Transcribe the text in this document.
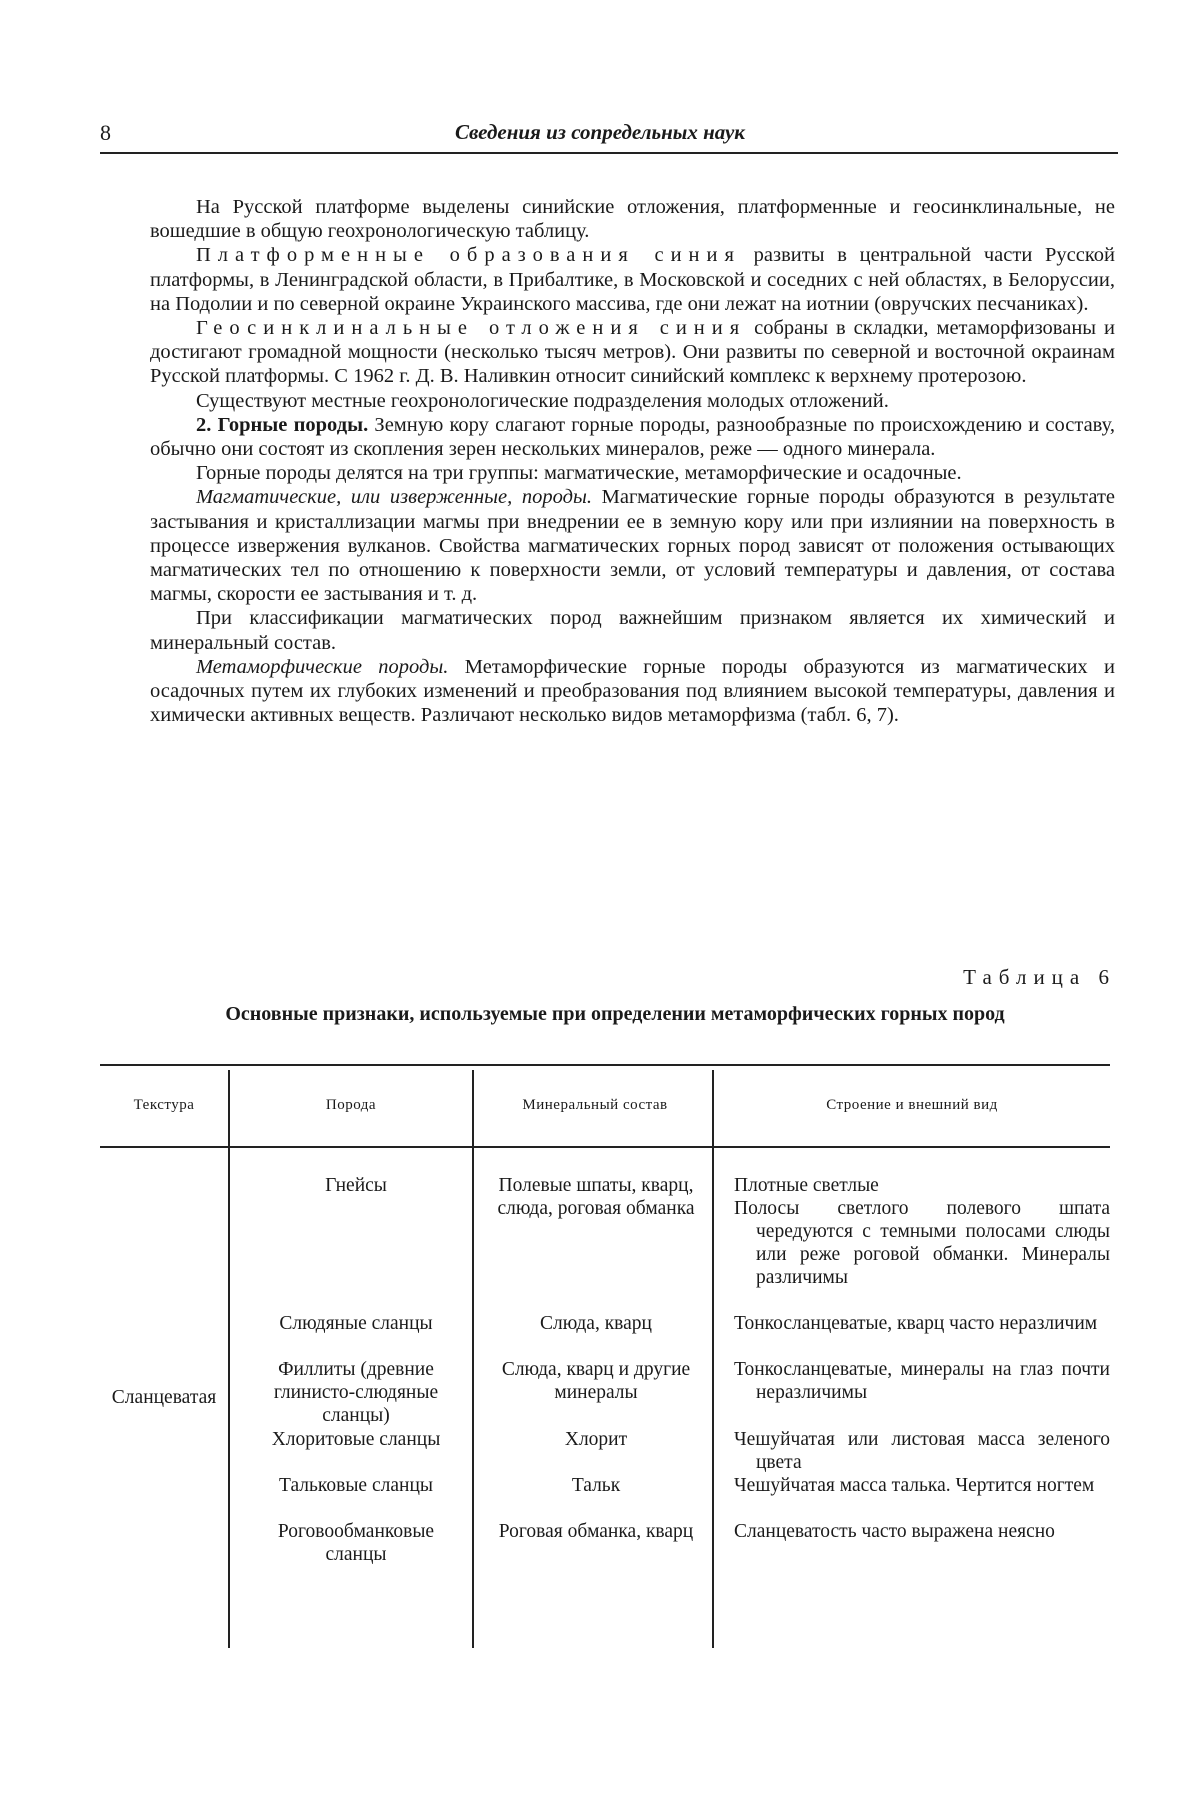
8	Сведения из сопредельных наук

На Русской платформе выделены синийские отложения, платформенные и геосинклинальные, не вошедшие в общую геохронологическую таблицу.

Платформенные образования синия развиты в центральной части Русской платформы, в Ленинградской области, в Прибалтике, в Московской и соседних с ней областях, в Белоруссии, на Подолии и по северной окраине Украинского массива, где они лежат на иотнии (овручских песчаниках).

Геосинклинальные отложения синия собраны в складки, метаморфизованы и достигают громадной мощности (несколько тысяч метров). Они развиты по северной и восточной окраинам Русской платформы. С 1962 г. Д. В. Наливкин относит синийский комплекс к верхнему протерозою.

Существуют местные геохронологические подразделения молодых отложений.

2. Горные породы. Земную кору слагают горные породы, разнообразные по происхождению и составу, обычно они состоят из скопления зерен нескольких минералов, реже — одного минерала.

Горные породы делятся на три группы: магматические, метаморфические и осадочные.

Магматические, или изверженные, породы. Магматические горные породы образуются в результате застывания и кристаллизации магмы при внедрении ее в земную кору или при излиянии на поверхность в процессе извержения вулканов. Свойства магматических горных пород зависят от положения остывающих магматических тел по отношению к поверхности земли, от условий температуры и давления, от состава магмы, скорости ее застывания и т. д.

При классификации магматических пород важнейшим признаком является их химический и минеральный состав.

Метаморфические породы. Метаморфические горные породы образуются из магматических и осадочных путем их глубоких изменений и преобразования под влиянием высокой температуры, давления и химически активных веществ. Различают несколько видов метаморфизма (табл. 6, 7).

Таблица 6
Основные признаки, используемые при определении метаморфических горных пород
Текстура	Порода	Минеральный состав	Строение и внешний вид
Сланцеватая
Гнейсы	Полевые шпаты, кварц, слюда, роговая обманка
Плотные светлые
Полосы светлого полевого шпата чередуются с темными полосами слюды или реже роговой обманки. Минералы различимы
Слюдяные сланцы	Слюда, кварц	Тонкосланцеватые, кварц часто неразличим
Филлиты (древние глинисто-слюдяные сланцы)
Слюда, кварц и другие минералы
Тонкосланцеватые, минералы на глаз почти неразличимы
Хлоритовые сланцы	Хлорит	Чешуйчатая или листовая масса зеленого цвета
Тальковые сланцы	Тальк	Чешуйчатая масса талька. Чертится ногтем
Роговообманковые сланцы
Роговая обманка, кварц	Сланцеватость часто выражена неясно
